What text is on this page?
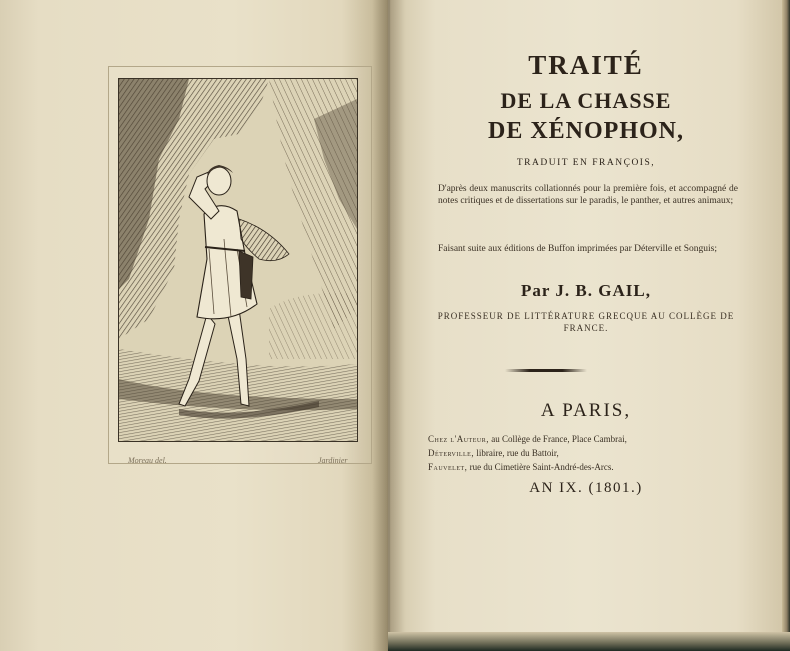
Moreau del.	Jardinier
TRAITÉ
DE LA CHASSE
DE XÉNOPHON,
TRADUIT EN FRANÇOIS,
D'après deux manuscrits collationnés pour la première fois, et accompagné de notes critiques et de dissertations sur le paradis, le panther, et autres animaux;
Faisant suite aux éditions de Buffon imprimées par Déterville et Songuis;
Par J. B. GAIL,
PROFESSEUR DE LITTÉRATURE GRECQUE AU COLLÈGE DE FRANCE.
A PARIS,
Chez l'Auteur, au Collège de France, Place Cambrai,
Déterville, libraire, rue du Battoir,
Fauvelet, rue du Cimetière Saint-André-des-Arcs.
AN IX. (1801.)
